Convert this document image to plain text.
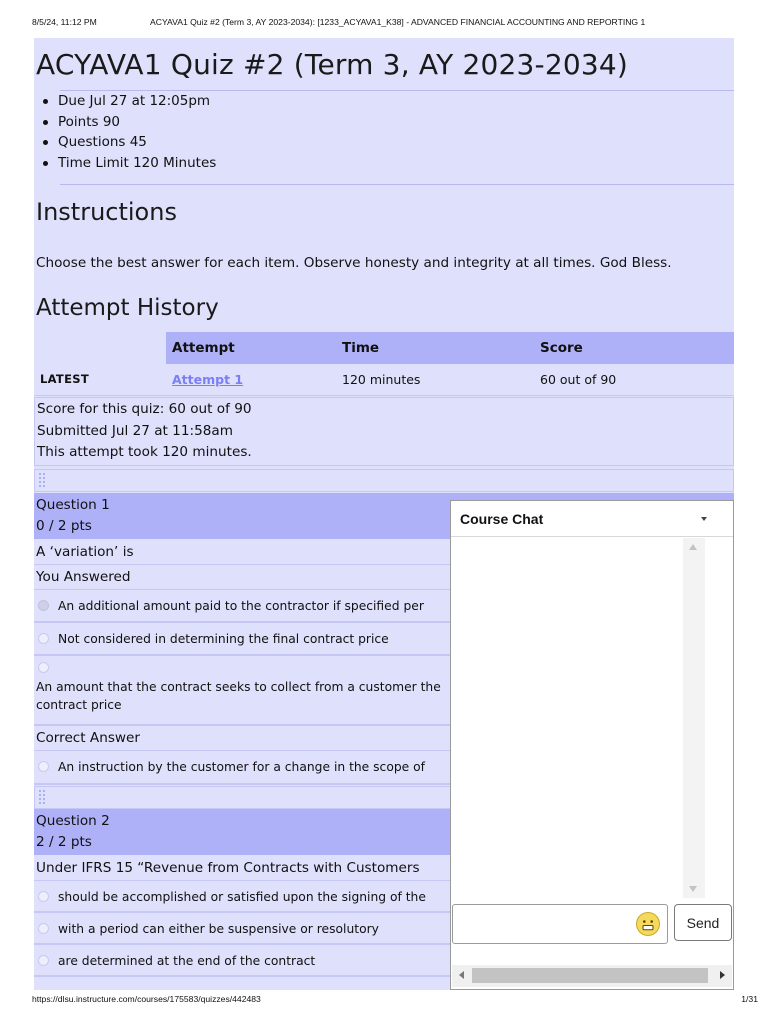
8/5/24, 11:12 PM	ACYAVA1 Quiz #2 (Term 3, AY 2023-2034): [1233_ACYAVA1_K38] - ADVANCED FINANCIAL ACCOUNTING AND REPORTING 1
ACYAVA1 Quiz #2 (Term 3, AY 2023-2034)
Due Jul 27 at 12:05pm
Points 90
Questions 45
Time Limit 120 Minutes
Instructions
Choose the best answer for each item. Observe honesty and integrity at all times. God Bless.
Attempt History
	Attempt	Time	Score
LATEST	Attempt 1	120 minutes	60 out of 90
Score for this quiz: 60 out of 90
Submitted Jul 27 at 11:58am
This attempt took 120 minutes.
Question 1
0 / 2 pts
A ‘variation’ is
You Answered
An additional amount paid to the contractor if specified per
Not considered in determining the final contract price
An amount that the contract seeks to collect from a customer the contract price
Correct Answer
An instruction by the customer for a change in the scope of
Question 2
2 / 2 pts
Under IFRS 15 “Revenue from Contracts with Customers
should be accomplished or satisfied upon the signing of the
with a period can either be suspensive or resolutory
are determined at the end of the contract
Course Chat
Send
https://dlsu.instructure.com/courses/175583/quizzes/442483	1/31
